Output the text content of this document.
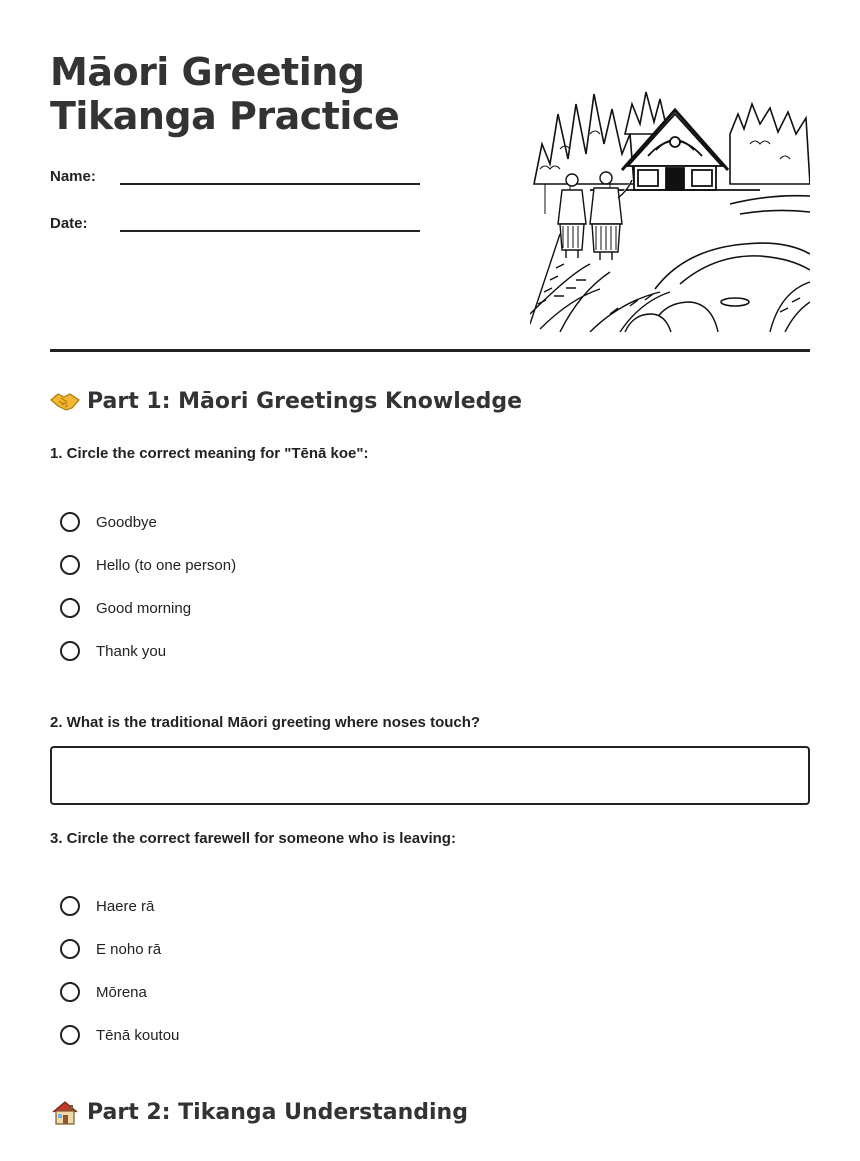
Māori Greeting Tikanga Practice
Name:
Date:
Part 1: Māori Greetings Knowledge
1. Circle the correct meaning for "Tēnā koe":
Goodbye
Hello (to one person)
Good morning
Thank you
2. What is the traditional Māori greeting where noses touch?
3. Circle the correct farewell for someone who is leaving:
Haere rā
E noho rā
Mōrena
Tēnā koutou
Part 2: Tikanga Understanding
